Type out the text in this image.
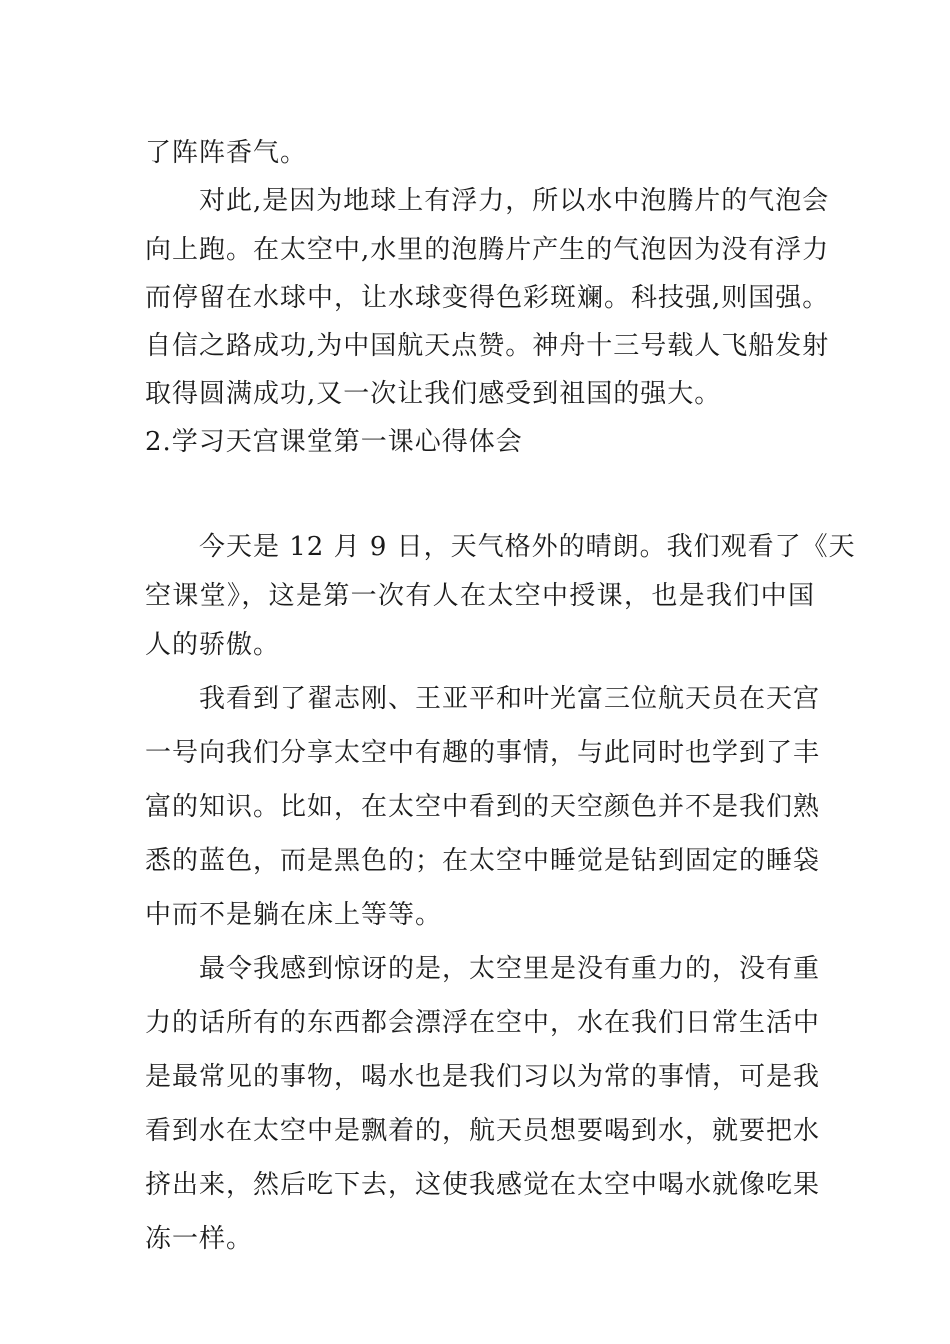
了阵阵香气。
对此,是因为地球上有浮力，所以水中泡腾片的气泡会
向上跑。在太空中,水里的泡腾片产生的气泡因为没有浮力
而停留在水球中，让水球变得色彩斑斓。科技强,则国强。
自信之路成功,为中国航天点赞。神舟十三号载人飞船发射
取得圆满成功,又一次让我们感受到祖国的强大。
2.学习天宫课堂第一课心得体会
今天是 12 月 9 日，天气格外的晴朗。我们观看了《天
空课堂》，这是第一次有人在太空中授课，也是我们中国
人的骄傲。
我看到了翟志刚、王亚平和叶光富三位航天员在天宫
一号向我们分享太空中有趣的事情，与此同时也学到了丰
富的知识。比如，在太空中看到的天空颜色并不是我们熟
悉的蓝色，而是黑色的；在太空中睡觉是钻到固定的睡袋
中而不是躺在床上等等。
最令我感到惊讶的是，太空里是没有重力的，没有重
力的话所有的东西都会漂浮在空中，水在我们日常生活中
是最常见的事物，喝水也是我们习以为常的事情，可是我
看到水在太空中是飘着的，航天员想要喝到水，就要把水
挤出来，然后吃下去，这使我感觉在太空中喝水就像吃果
冻一样。
